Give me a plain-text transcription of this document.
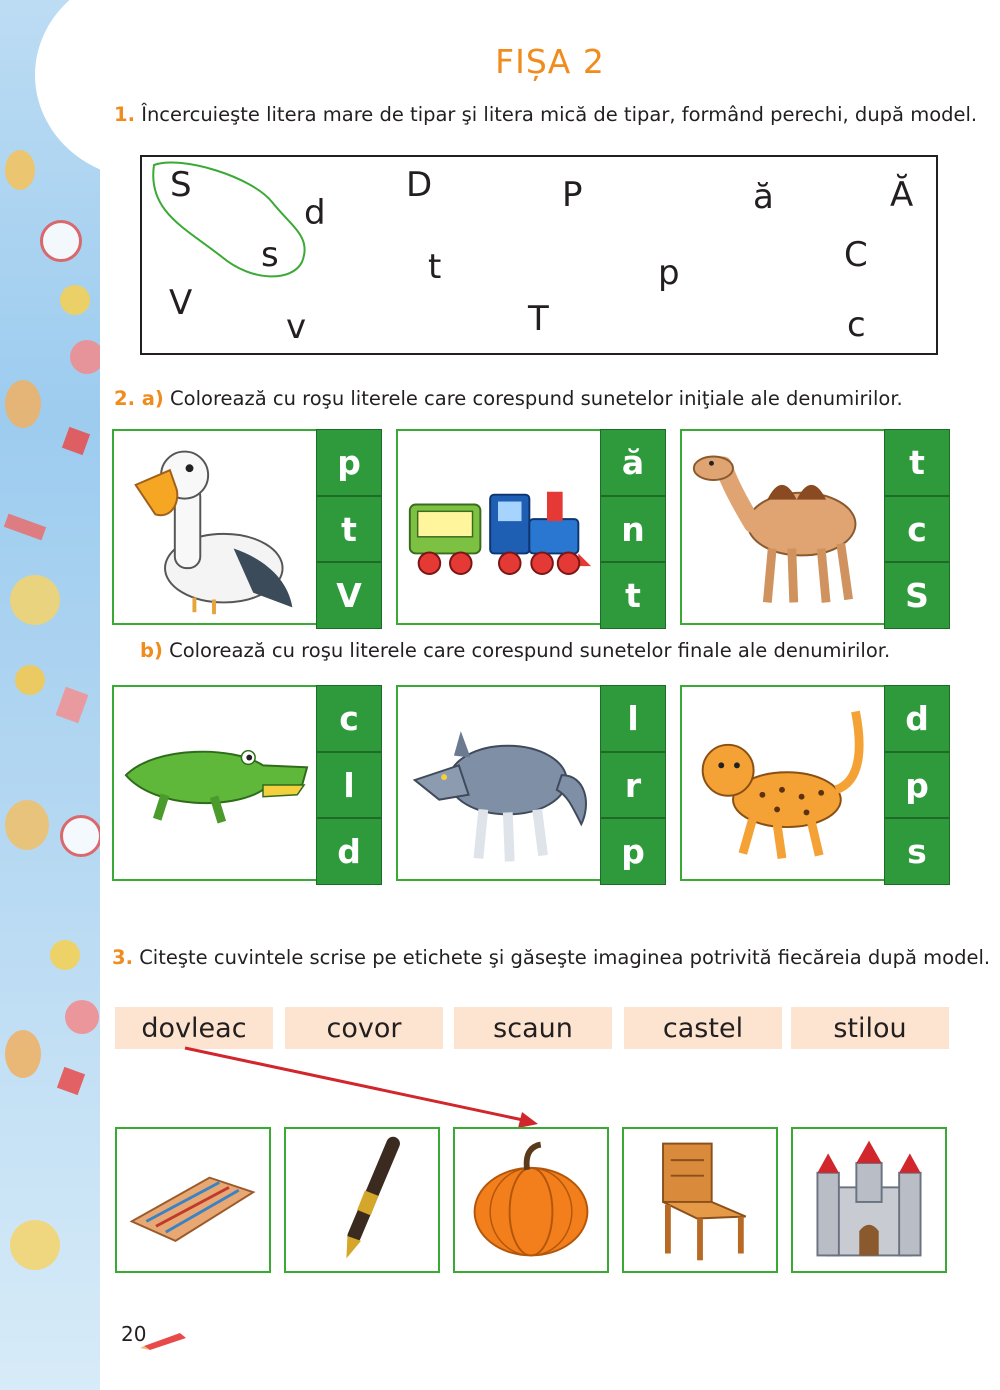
FIȘA 2
1. Încercuieşte litera mare de tipar şi litera mică de tipar, formând perechi, după model.
S
d
D	P	ă	Ă
s	t	p	C
V
v	T	c
2. a) Colorează cu roşu literele care corespund sunetelor iniţiale ale denumirilor.
p
t
V
ă
n
t
t
c
S
b) Colorează cu roşu literele care corespund sunetelor finale ale denumirilor.
c
l
d
l
r
p
d
p
s
3. Citeşte cuvintele scrise pe etichete şi găseşte imaginea potrivită fiecăreia după model.
dovleac	covor	scaun	castel	stilou
20
